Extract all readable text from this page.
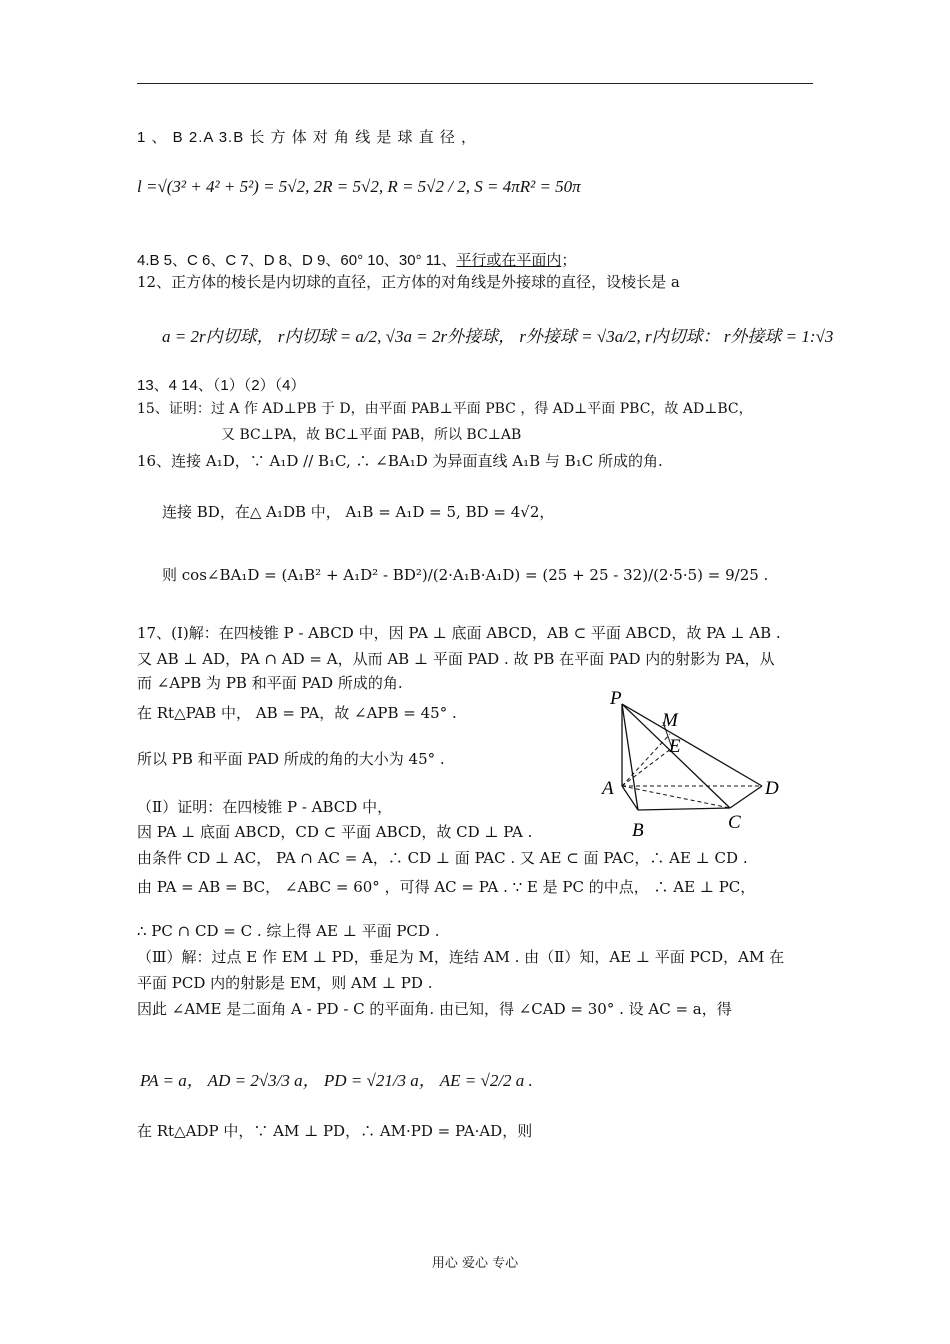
1 、 B 2.A 3.B 长 方 体 对 角 线 是 球 直 径 ，
l =√(3² + 4² + 5²) = 5√2, 2R = 5√2, R = 5√2 / 2, S = 4πR² = 50π
4.B 5、C 6、C 7、D 8、D 9、60° 10、30° 11、平行或在平面内；
12、正方体的棱长是内切球的直径，正方体的对角线是外接球的直径，设棱长是 a
a = 2r内切球， r内切球 = a/2, √3a = 2r外接球， r外接球 = √3a/2, r内切球： r外接球 = 1:√3
13、4 14、（1）（2）（4）
15、证明：过 A 作 AD⊥PB 于 D，由平面 PAB⊥平面 PBC ，得 AD⊥平面 PBC，故 AD⊥BC，
又 BC⊥PA，故 BC⊥平面 PAB，所以 BC⊥AB
16、连接 A₁D，∵ A₁D // B₁C, ∴ ∠BA₁D 为异面直线 A₁B 与 B₁C 所成的角.
连接 BD，在△ A₁DB 中， A₁B = A₁D = 5, BD = 4√2，
则 cos∠BA₁D = (A₁B² + A₁D² - BD²)/(2·A₁B·A₁D) = (25 + 25 - 32)/(2·5·5) = 9/25 .
17、(Ⅰ)解：在四棱锥 P - ABCD 中，因 PA ⊥ 底面 ABCD，AB ⊂ 平面 ABCD，故 PA ⊥ AB .
又 AB ⊥ AD，PA ∩ AD = A，从而 AB ⊥ 平面 PAD . 故 PB 在平面 PAD 内的射影为 PA，从
而 ∠APB 为 PB 和平面 PAD 所成的角.
在 Rt△PAB 中， AB = PA，故 ∠APB = 45° .
所以 PB 和平面 PAD 所成的角的大小为 45° .
（Ⅱ）证明：在四棱锥 P - ABCD 中，
因 PA ⊥ 底面 ABCD，CD ⊂ 平面 ABCD，故 CD ⊥ PA .
由条件 CD ⊥ AC， PA ∩ AC = A，∴ CD ⊥ 面 PAC . 又 AE ⊂ 面 PAC，∴ AE ⊥ CD .
由 PA = AB = BC， ∠ABC = 60° ，可得 AC = PA . ∵ E 是 PC 的中点， ∴ AE ⊥ PC，
∴ PC ∩ CD = C . 综上得 AE ⊥ 平面 PCD .
（Ⅲ）解：过点 E 作 EM ⊥ PD，垂足为 M，连结 AM . 由（Ⅱ）知，AE ⊥ 平面 PCD，AM 在
平面 PCD 内的射影是 EM，则 AM ⊥ PD .
因此 ∠AME 是二面角 A - PD - C 的平面角. 由已知，得 ∠CAD = 30° . 设 AC = a，得
PA = a， AD = 2√3/3 a， PD = √21/3 a， AE = √2/2 a .
在 Rt△ADP 中，∵ AM ⊥ PD，∴ AM·PD = PA·AD，则
P
M
E
A	D
B	C
用心 爱心 专心
